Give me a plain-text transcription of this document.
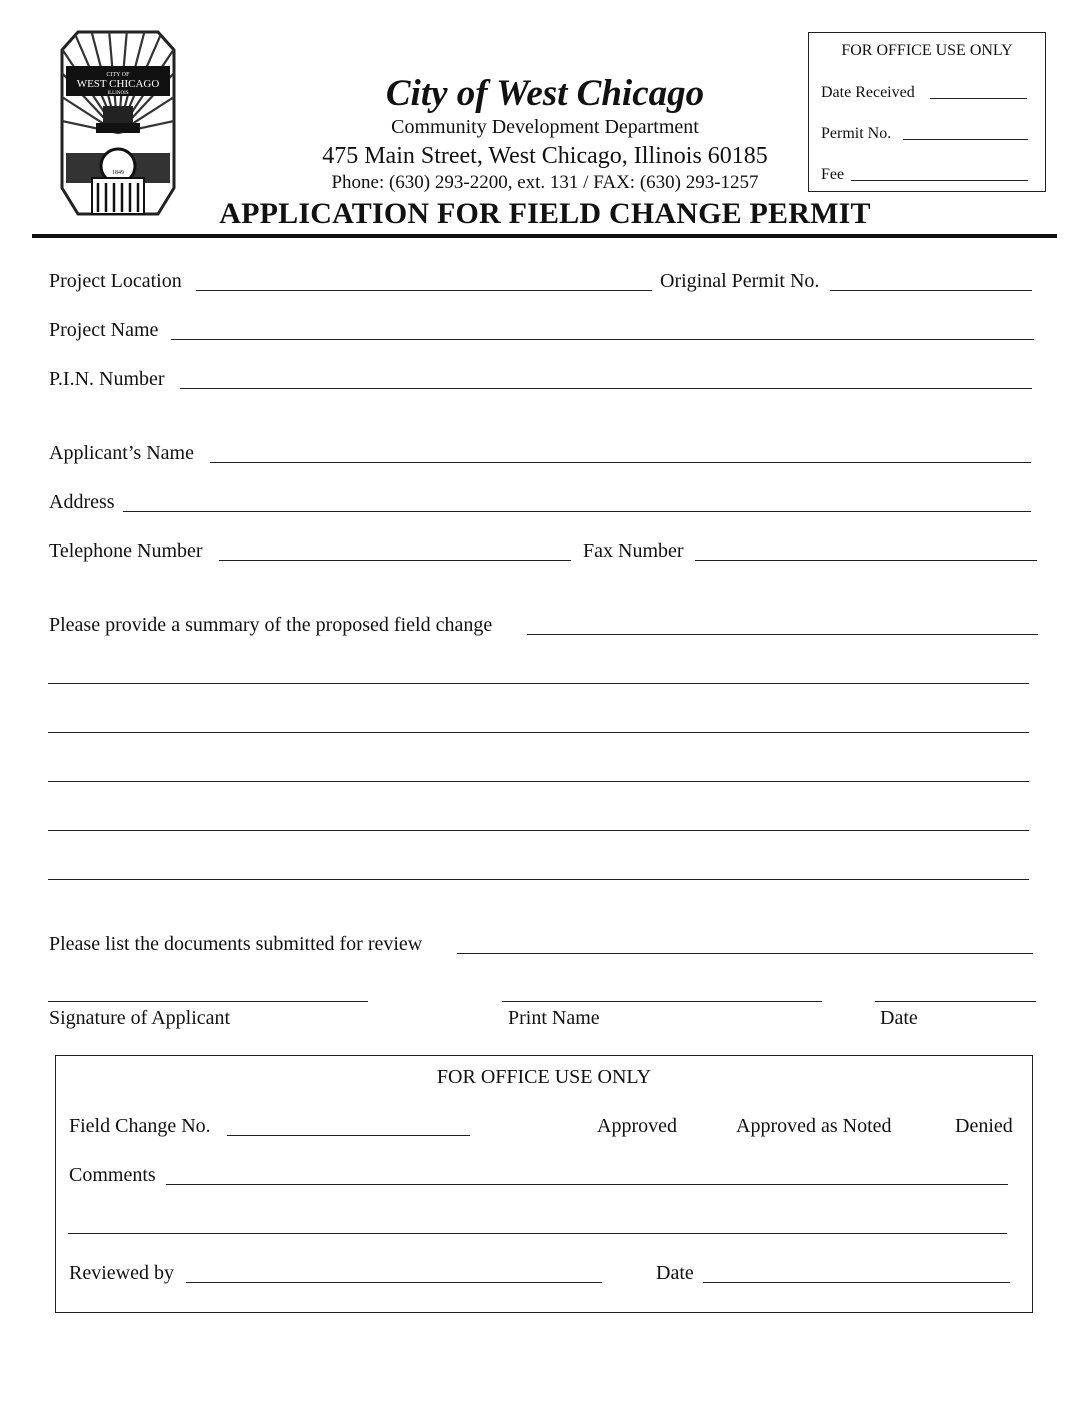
CITY OF
WEST CHICAGO
ILLINOIS
1849
City of West Chicago
Community Development Department
475 Main Street, West Chicago, Illinois 60185
Phone: (630) 293-2200, ext. 131 / FAX: (630) 293-1257
APPLICATION FOR FIELD CHANGE PERMIT
FOR OFFICE USE ONLY
Date Received
Permit No.
Fee
Project Location	Original Permit No.
Project Name
P.I.N. Number
Applicant’s Name
Address
Telephone Number	Fax Number
Please provide a summary of the proposed field change
Please list the documents submitted for review
Signature of Applicant	Print Name	Date
FOR OFFICE USE ONLY
Field Change No.	Approved	Approved as Noted	Denied
Comments
Reviewed by	Date
